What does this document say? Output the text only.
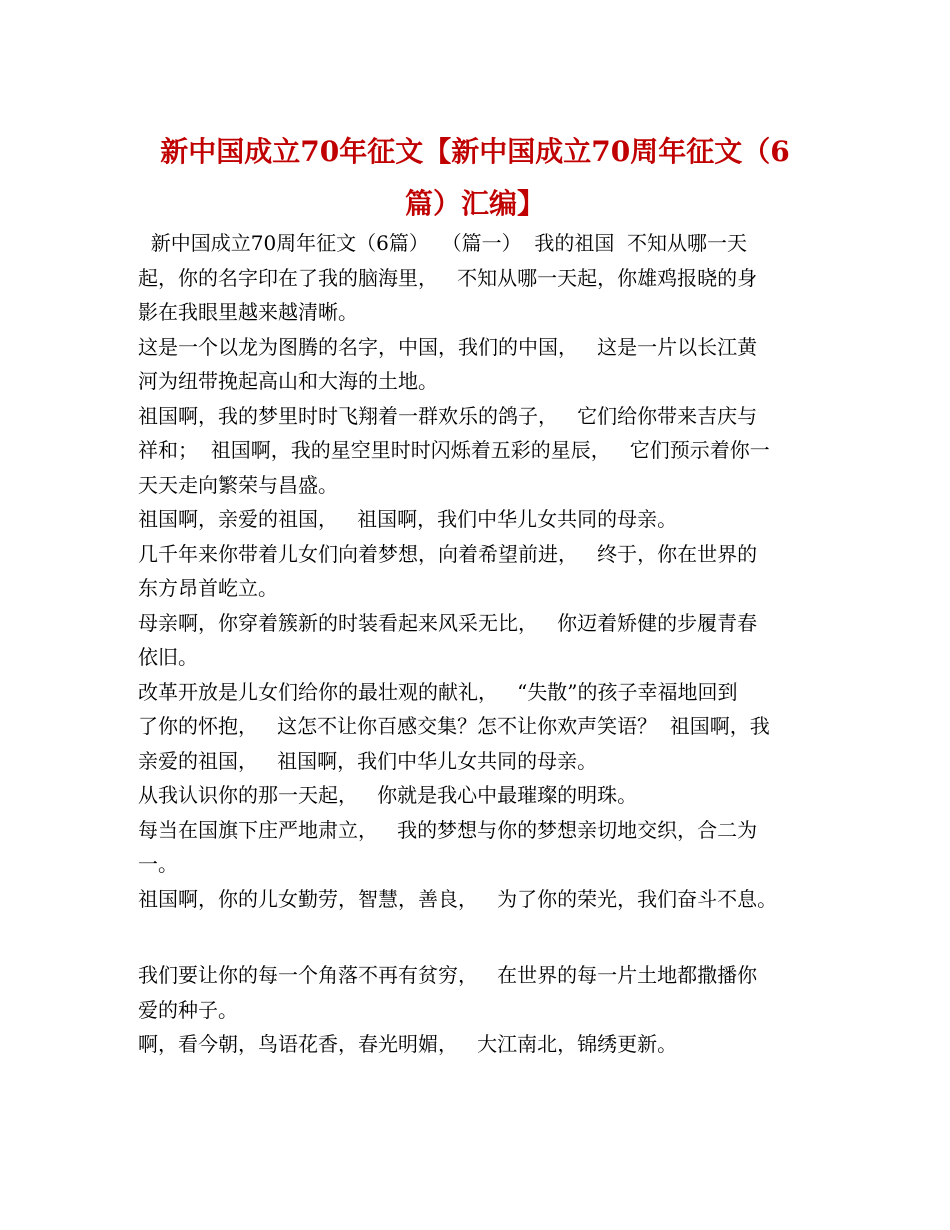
新中国成立70年征文【新中国成立70周年征文（6
篇）汇编】
新中国成立70周年征文（6篇）  （篇一）  我的祖国  不知从哪一天
起，你的名字印在了我的脑海里，   不知从哪一天起，你雄鸡报晓的身
影在我眼里越来越清晰。
这是一个以龙为图腾的名字，中国，我们的中国，   这是一片以长江黄
河为纽带挽起高山和大海的土地。
祖国啊，我的梦里时时飞翔着一群欢乐的鸽子，   它们给你带来吉庆与
祥和；  祖国啊，我的星空里时时闪烁着五彩的星辰，   它们预示着你一
天天走向繁荣与昌盛。
祖国啊，亲爱的祖国，   祖国啊，我们中华儿女共同的母亲。
几千年来你带着儿女们向着梦想，向着希望前进，   终于，你在世界的
东方昂首屹立。
母亲啊，你穿着簇新的时装看起来风采无比，   你迈着矫健的步履青春
依旧。
改革开放是儿女们给你的最壮观的献礼，   “失散”的孩子幸福地回到
了你的怀抱，   这怎不让你百感交集？怎不让你欢声笑语？  祖国啊，我
亲爱的祖国，   祖国啊，我们中华儿女共同的母亲。
从我认识你的那一天起，   你就是我心中最璀璨的明珠。
每当在国旗下庄严地肃立，   我的梦想与你的梦想亲切地交织，合二为
一。
祖国啊，你的儿女勤劳，智慧，善良，   为了你的荣光，我们奋斗不息。
我们要让你的每一个角落不再有贫穷，   在世界的每一片土地都撒播你
爱的种子。
啊，看今朝，鸟语花香，春光明媚，   大江南北，锦绣更新。
